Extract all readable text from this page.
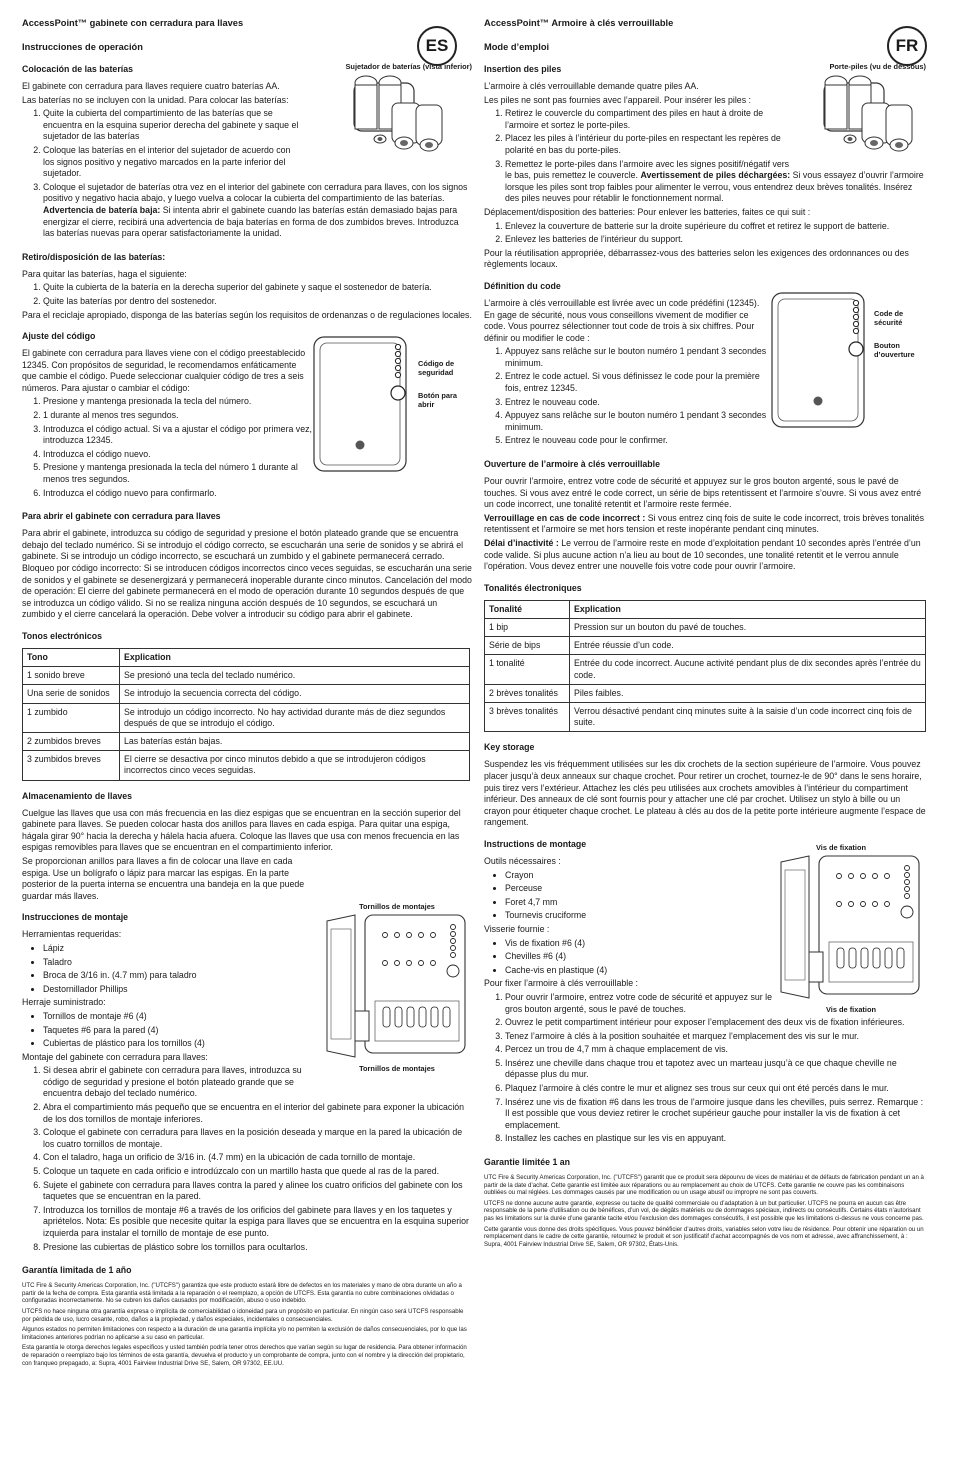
ES
AccessPoint™ gabinete con cerradura para llaves
Instrucciones de operación
Sujetador de baterías (vista inferior)
Colocación de las baterías

El gabinete con cerradura para llaves requiere cuatro baterías AA.

Las baterías no se incluyen con la unidad. Para colocar las baterías:

1. Quite la cubierta del compartimiento de las baterías que se encuentra en la esquina superior derecha del gabinete y saque el sujetador de las baterías
2. Coloque las baterías en el interior del sujetador de acuerdo con los signos positivo y negativo marcados en la parte inferior del sujetador.
3. Coloque el sujetador de baterías otra vez en el interior del gabinete con cerradura para llaves, con los signos positivo y negativo hacia abajo, y luego vuelva a colocar la cubierta del compartimiento de las baterías. Advertencia de batería baja: Si intenta abrir el gabinete cuando las baterías están demasiado bajas para energizar el cierre, recibirá una advertencia de baja baterías en forma de dos zumbidos breves. Introduzca las baterías nuevas para operar satisfactoriamente la unidad.
Retiro/disposición de las baterías:

Para quitar las baterías, haga el siguiente:

1. Quite la cubierta de la batería en la derecha superior del gabinete y saque el sostenedor de batería.
2. Quite las baterías por dentro del sostenedor.

Para el reciclaje apropiado, disponga de las baterías según los requisitos de ordenanzas o de regulaciones locales.

Código de seguridad
Botón para abrir
Ajuste del código

El gabinete con cerradura para llaves viene con el código preestablecido 12345. Con propósitos de seguridad, le recomendamos enfáticamente que cambie el código. Puede seleccionar cualquier código de tres a seis números. Para ajustar o cambiar el código:

1. Presione y mantenga presionada la tecla del número.
2. 1 durante al menos tres segundos.
3. Introduzca el código actual. Si va a ajustar el código por primera vez, introduzca 12345.
4. Introduzca el código nuevo.
5. Presione y mantenga presionada la tecla del número 1 durante al menos tres segundos.
6. Introduzca el código nuevo para confirmarlo.
Para abrir el gabinete con cerradura para llaves

Para abrir el gabinete, introduzca su código de seguridad y presione el botón plateado grande que se encuentra debajo del teclado numérico. Si se introdujo el código correcto, se escucharán una serie de sonidos y se abrirá el gabinete. Si se introdujo un código incorrecto, se escuchará un zumbido y el gabinete permanecerá cerrado. Bloqueo por código incorrecto: Si se introducen códigos incorrectos cinco veces seguidas, se escucharán una serie de sonidos y el gabinete se desenergizará y permanecerá inoperable durante cinco minutos. Cancelación del modo de operación: El cierre del gabinete permanecerá en el modo de operación durante 10 segundos después de que se introduzca un código válido. Si no se realiza ninguna acción después de 10 segundos, se escuchará un zumbido y el cierre cancelará la operación. Debe volver a introducir su código para abrir el gabinete.

Tonos electrónicos
Tono	Explication
1 sonido breve	Se presionó una tecla del teclado numérico.
Una serie de sonidos	Se introdujo la secuencia correcta del código.
1 zumbido	Se introdujo un código incorrecto. No hay actividad durante más de diez segundos después de que se introdujo el código.
2 zumbidos breves	Las baterías están bajas.
3 zumbidos breves	El cierre se desactiva por cinco minutos debido a que se introdujeron códigos incorrectos cinco veces seguidas.
Almacenamiento de llaves

Cuelgue las llaves que usa con más frecuencia en las diez espigas que se encuentran en la sección superior del gabinete para llaves. Se pueden colocar hasta dos anillos para llaves en cada espiga. Para quitar una espiga, hágala girar 90° hacia la derecha y hálela hacia afuera. Coloque las llaves que usa con menos frecuencia en las espigas removibles para llaves que se encuentran en el compartimiento inferior.

Se proporcionan anillos para llaves a fin de colocar una llave en cada espiga. Use un bolígrafo o lápiz para marcar las espigas. En la parte posterior de la puerta interna se encuentra una bandeja en la que puede guardar más llaves.

Tornillos de montajes
Tornillos de montajes
Instrucciones de montaje

Herramientas requeridas:

• Lápiz
• Taladro
• Broca de 3/16 in. (4.7 mm) para taladro
• Destornillador Phillips

Herraje suministrado:

• Tornillos de montaje #6 (4)
• Taquetes #6 para la pared (4)
• Cubiertas de plástico para los tornillos (4)

Montaje del gabinete con cerradura para llaves:

1. Si desea abrir el gabinete con cerradura para llaves, introduzca su código de seguridad y presione el botón plateado grande que se encuentra debajo del teclado numérico.
2. Abra el compartimiento más pequeño que se encuentra en el interior del gabinete para exponer la ubicación de los dos tornillos de montaje inferiores.
3. Coloque el gabinete con cerradura para llaves en la posición deseada y marque en la pared la ubicación de los cuatro tornillos de montaje.
4. Con el taladro, haga un orificio de 3/16 in. (4.7 mm) en la ubicación de cada tornillo de montaje.
5. Coloque un taquete en cada orificio e introdúzcalo con un martillo hasta que quede al ras de la pared.
6. Sujete el gabinete con cerradura para llaves contra la pared y alinee los cuatro orificios del gabinete con los taquetes que se encuentran en la pared.
7. Introduzca los tornillos de montaje #6 a través de los orificios del gabinete para llaves y en los taquetes y apriételos. Nota: Es posible que necesite quitar la espiga para llaves que se encuentra en la esquina superior izquierda para instalar el tornillo de montaje de ese punto.
8. Presione las cubiertas de plástico sobre los tornillos para ocultarlos.
Garantía limitada de 1 año

UTC Fire & Security Americas Corporation, Inc. ("UTCFS") garantiza que este producto estará libre de defectos en los materiales y mano de obra durante un año a partir de la fecha de compra. Esta garantía está limitada a la reparación o el reemplazo, a opción de UTCFS. Esta garantía no cubre combinaciones olvidadas o configuradas incorrectamente. No se cubren los daños causados por modificación, abuso o uso indebido.

UTCFS no hace ninguna otra garantía expresa o implícita de comerciabilidad o idoneidad para un propósito en particular. En ningún caso será UTCFS responsable por pérdida de uso, lucro cesante, robo, daños a la propiedad, y daños especiales, incidentales o consecuenciales.

Algunos estados no permiten limitaciones con respecto a la duración de una garantía implícita y/o no permiten la exclusión de daños consecuenciales, por lo que las limitaciones anteriores podrían no aplicarse a su caso en particular.

Esta garantía le otorga derechos legales específicos y usted también podría tener otros derechos que varían según su lugar de residencia. Para obtener información de reparación o reemplazo bajo los términos de esta garantía, devuelva el producto y un comprobante de compra, junto con el nombre y la dirección del propietario, con franqueo prepagado, a: Supra, 4001 Fairview Industrial Drive SE, Salem, OR 97302, EE.UU.

FR
AccessPoint™ Armoire à clés verrouillable
Mode d’emploi
Porte-piles (vu de dessous)
Insertion des piles

L’armoire à clés verrouillable demande quatre piles AA.

Les piles ne sont pas fournies avec l’appareil. Pour insérer les piles :

1. Retirez le couvercle du compartiment des piles en haut à droite de l’armoire et sortez le porte-piles.
2. Placez les piles à l’intérieur du porte-piles en respectant les repères de polarité en bas du porte-piles.
3. Remettez le porte-piles dans l’armoire avec les signes positif/négatif vers le bas, puis remettez le couvercle. Avertissement de piles déchargées: Si vous essayez d’ouvrir l’armoire lorsque les piles sont trop faibles pour alimenter le verrou, vous entendrez deux brèves tonalités. Insérez des piles neuves pour rétablir le fonctionnement normal.

Déplacement/disposition des batteries: Pour enlever les batteries, faites ce qui suit :

1. Enlevez la couverture de batterie sur la droite supérieure du coffret et retirez le support de batterie.
2. Enlevez les batteries de l’intérieur du support.

Pour la réutilisation appropriée, débarrassez-vous des batteries selon les exigences des ordonnances ou des règlements locaux.

Code de sécurité
Bouton d’ouverture
Définition du code

L’armoire à clés verrouillable est livrée avec un code prédéfini (12345). En gage de sécurité, nous vous conseillons vivement de modifier ce code. Vous pourrez sélectionner tout code de trois à six chiffres. Pour définir ou modifier le code :

1. Appuyez sans relâche sur le bouton numéro 1 pendant 3 secondes minimum.
2. Entrez le code actuel. Si vous définissez le code pour la première fois, entrez 12345.
3. Entrez le nouveau code.
4. Appuyez sans relâche sur le bouton numéro 1 pendant 3 secondes minimum.
5. Entrez le nouveau code pour le confirmer.
Ouverture de l’armoire à clés verrouillable

Pour ouvrir l’armoire, entrez votre code de sécurité et appuyez sur le gros bouton argenté, sous le pavé de touches. Si vous avez entré le code correct, un série de bips retentissent et l’armoire s’ouvre. Si vous avez entré un code incorrect, une tonalité retentit et l’armoire reste fermée.

Verrouillage en cas de code incorrect : Si vous entrez cinq fois de suite le code incorrect, trois brèves tonalités retentissent et l’armoire se met hors tension et reste inopérante pendant cinq minutes.

Délai d’inactivité : Le verrou de l’armoire reste en mode d’exploitation pendant 10 secondes après l’entrée d’un code valide. Si plus aucune action n’a lieu au bout de 10 secondes, une tonalité retentit et le verrou annule l’opération. Vous devez entrer une nouvelle fois votre code pour ouvrir l’armoire.

Tonalités électroniques
Tonalité	Explication
1 bip	Pression sur un bouton du pavé de touches.
Série de bips	Entrée réussie d’un code.
1 tonalité	Entrée du code incorrect. Aucune activité pendant plus de dix secondes après l’entrée du code.
2 brèves tonalités	Piles faibles.
3 brèves tonalités	Verrou désactivé pendant cinq minutes suite à la saisie d’un code incorrect cinq fois de suite.
Key storage

Suspendez les vis fréquemment utilisées sur les dix crochets de la section supérieure de l’armoire. Vous pouvez placer jusqu’à deux anneaux sur chaque crochet. Pour retirer un crochet, tournez-le de 90° dans le sens horaire, puis tirez vers l’extérieur. Attachez les clés peu utilisées aux crochets amovibles à l’intérieur du compartiment inférieur. Des anneaux de clé sont fournis pour y attacher une clé par crochet. Utilisez un stylo à bille ou un crayon pour étiqueter chaque crochet. Le plateau à clés au dos de la petite porte intérieure augmente l’espace de rangement.

Vis de fixation
Vis de fixation
Instructions de montage

Outils nécessaires :

• Crayon
• Perceuse
• Foret 4,7 mm
• Tournevis cruciforme

Visserie fournie :

• Vis de fixation #6 (4)
• Chevilles #6 (4)
• Cache-vis en plastique (4)

Pour fixer l’armoire à clés verrouillable :

1. Pour ouvrir l’armoire, entrez votre code de sécurité et appuyez sur le gros bouton argenté, sous le pavé de touches.
2. Ouvrez le petit compartiment intérieur pour exposer l’emplacement des deux vis de fixation inférieures.
3. Tenez l’armoire à clés à la position souhaitée et marquez l’emplacement des vis sur le mur.
4. Percez un trou de 4,7 mm à chaque emplacement de vis.
5. Insérez une cheville dans chaque trou et tapotez avec un marteau jusqu’à ce que chaque cheville ne dépasse plus du mur.
6. Plaquez l’armoire à clés contre le mur et alignez ses trous sur ceux qui ont été percés dans le mur.
7. Insérez une vis de fixation #6 dans les trous de l’armoire jusque dans les chevilles, puis serrez. Remarque : Il est possible que vous deviez retirer le crochet supérieur gauche pour installer la vis de fixation à cet emplacement.
8. Installez les caches en plastique sur les vis en appuyant.
Garantie limitée 1 an

UTC Fire & Security Americas Corporation, Inc. ("UTCFS") garantit que ce produit sera dépourvu de vices de matériau et de défauts de fabrication pendant un an à partir de la date d’achat. Cette garantie est limitée aux réparations ou au remplacement au choix de UTCFS. Cette garantie ne couvre pas les combinaisons oubliées ou mal réglées. Les dommages causés par une modification ou un usage abusif ou impropre ne sont pas couverts.

UTCFS ne donne aucune autre garantie, expresse ou tacite de qualité commerciale ou d’adaptation à un but particulier. UTCFS ne pourra en aucun cas être responsable de la perte d’utilisation ou de bénéfices, d’un vol, de dégâts matériels ou de dommages spéciaux, indirects ou consécutifs. Certains états n’autorisant pas les limitations sur la durée d’une garantie tacite et/ou l’exclusion des dommages consécutifs, il est possible que les limitations ci-dessus ne vous concerne pas.

Cette garantie vous donne des droits spécifiques. Vous pouvez bénéficier d’autres droits, variables selon votre lieu de résidence. Pour obtenir une réparation ou un remplacement dans le cadre de cette garantie, retournez le produit et son justificatif d’achat accompagnés de vos nom et adresse, avec affranchissement, à : Supra, 4001 Fairview Industrial Drive SE, Salem, OR 97302, États-Unis.
